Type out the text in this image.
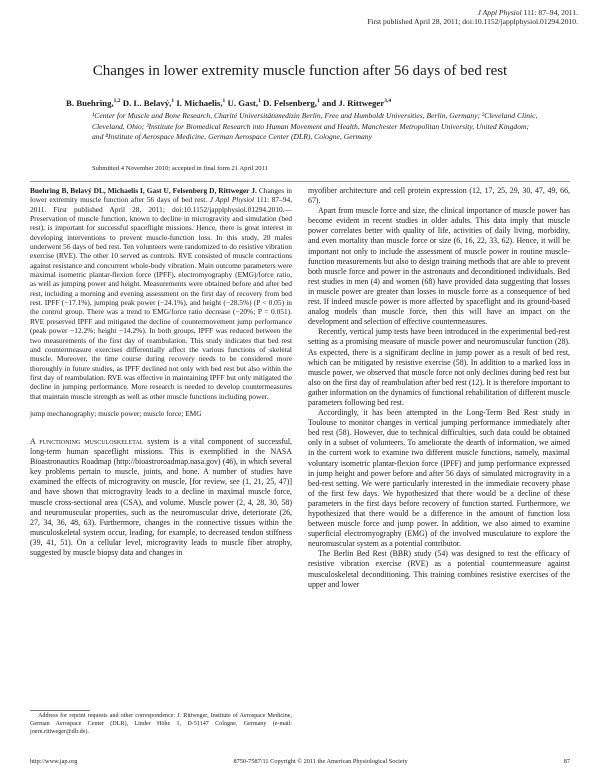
J Appl Physiol 111: 87–94, 2011.
First published April 28, 2011; doi:10.1152/japplphysiol.01294.2010.
Changes in lower extremity muscle function after 56 days of bed rest
B. Buehring,$^{1,2}$ D. L. Belavý,$^1$ I. Michaelis,$^1$ U. Gast,$^1$ D. Felsenberg,$^1$ and J. Rittweger$^{3,4}$
¹Center for Muscle and Bone Research, Charité Universitätsmedizin Berlin, Free and Humboldt Universities, Berlin, Germany; ²Cleveland Clinic, Cleveland, Ohio; ³Institute for Biomedical Research into Human Movement and Health, Manchester Metropolitan University, United Kingdom; and ⁴Institute of Aerospace Medicine, German Aerospace Center (DLR), Cologne, Germany
Submitted 4 November 2010; accepted in final form 21 April 2011

Buehring B, Belavý DL, Michaelis I, Gast U, Felsenberg D, Rittweger J. Changes in lower extremity muscle function after 56 days of bed rest. J Appl Physiol 111: 87–94, 2011. First published April 28, 2011; doi:10.1152/japplphysiol.01294.2010.—Preservation of muscle function, known to decline in microgravity and simulation (bed rest), is important for successful spaceflight missions. Hence, there is great interest in developing interventions to prevent muscle-function loss. In this study, 20 males underwent 56 days of bed rest. Ten volunteers were randomized to do resistive vibration exercise (RVE). The other 10 served as controls. RVE consisted of muscle contractions against resistance and concurrent whole-body vibration. Main outcome parameters were maximal isometric plantar-flexion force (IPFF), electromyography (EMG)/force ratio, as well as jumping power and height. Measurements were obtained before and after bed rest, including a morning and evening assessment on the first day of recovery from bed rest. IPFF (−17.1%), jumping peak power (−24.1%), and height (−28.5%) (P < 0.05) in the control group. There was a trend to EMG/force ratio decrease (−20%; P = 0.051). RVE preserved IPFF and mitigated the decline of countermovement jump performance (peak power −12.2%; height −14.2%). In both groups, IPFF was reduced between the two measurements of the first day of reambulation. This study indicates that bed rest and countermeasure exercises differentially affect the various functions of skeletal muscle. Moreover, the time course during recovery needs to be considered more thoroughly in future studies, as IPFF declined not only with bed rest but also within the first day of reambulation. RVE was effective in maintaining IPFF but only mitigated the decline in jumping performance. More research is needed to develop countermeasures that maintain muscle strength as well as other muscle functions including power.

jump mechanography; muscle power; muscle force; EMG

A functioning musculoskeletal system is a vital component of successful, long-term human spaceflight missions. This is exemplified in the NASA Bioastronautics Roadmap (http://bioastroroadmap.nasa.gov) (46), in which several key problems pertain to muscle, joints, and bone. A number of studies have examined the effects of microgravity on muscle, [for review, see (1, 21, 25, 47)] and have shown that microgravity leads to a decline in maximal muscle force, muscle cross-sectional area (CSA), and volume. Muscle power (2, 4, 28, 30, 58) and neuromuscular properties, such as the neuromuscular drive, deteriorate (26, 27, 34, 36, 48, 63). Furthermore, changes in the connective tissues within the musculoskeletal system occur, leading, for example, to decreased tendon stiffness (39, 41, 51). On a cellular level, microgravity leads to muscle fiber atrophy, suggested by muscle biopsy data and changes in

myofiber architecture and cell protein expression (12, 17, 25, 29, 30, 47, 49, 66, 67).

Apart from muscle force and size, the clinical importance of muscle power has become evident in recent studies in older adults. This data imply that muscle power correlates better with quality of life, activities of daily living, morbidity, and even mortality than muscle force or size (6, 16, 22, 33, 62). Hence, it will be important not only to include the assessment of muscle power in routine muscle-function measurements but also to design training methods that are able to prevent both muscle force and power in the astronauts and deconditioned individuals. Bed rest studies in men (4) and women (68) have provided data suggesting that losses in muscle power are greater than losses in muscle force as a consequence of bed rest. If indeed muscle power is more affected by spaceflight and its ground-based analog models than muscle force, then this will have an impact on the development and selection of effective countermeasures.

Recently, vertical jump tests have been introduced in the experimental bed-rest setting as a promising measure of muscle power and neuromuscular function (28). As expected, there is a significant decline in jump power as a result of bed rest, which can be mitigated by resistive exercise (58). In addition to a marked loss in muscle power, we observed that muscle force not only declines during bed rest but also on the first day of reambulation after bed rest (12). It is therefore important to gather information on the dynamics of functional rehabilitation of different muscle parameters following bed rest.

Accordingly, it has been attempted in the Long-Term Bed Rest study in Toulouse to monitor changes in vertical jumping performance immediately after bed rest (58). However, due to technical difficulties, such data could be obtained only in a subset of volunteers. To ameliorate the dearth of information, we aimed in the current work to examine two different muscle functions, namely, maximal voluntary isometric plantar-flexion force (IPFF) and jump performance expressed in jump height and power before and after 56 days of simulated microgravity in a bed-rest setting. We were particularly interested in the immediate recovery phase of the first few days. We hypothesized that there would be a decline of these parameters in the first days before recovery of function started. Furthermore, we hypothesized that there would be a difference in the amount of function loss between muscle force and jump power. In addition, we also aimed to examine superficial electromyography (EMG) of the involved musculature to explore the neuromuscular system as a potential contributor.

The Berlin Bed Rest (BBR) study (54) was designed to test the efficacy of resistive vibration exercise (RVE) as a potential countermeasure against musculoskeletal deconditioning. This training combines resistive exercises of the upper and lower

Address for reprint requests and other correspondence: J. Rittweger, Institute of Aerospace Medicine, German Aerospace Center (DLR), Linder Höhe 1, D-51147 Cologne, Germany (e-mail: joern.rittweger@dlr.de).
http://www.jap.org	8750-7587/11 Copyright © 2011 the American Physiological Society	87
